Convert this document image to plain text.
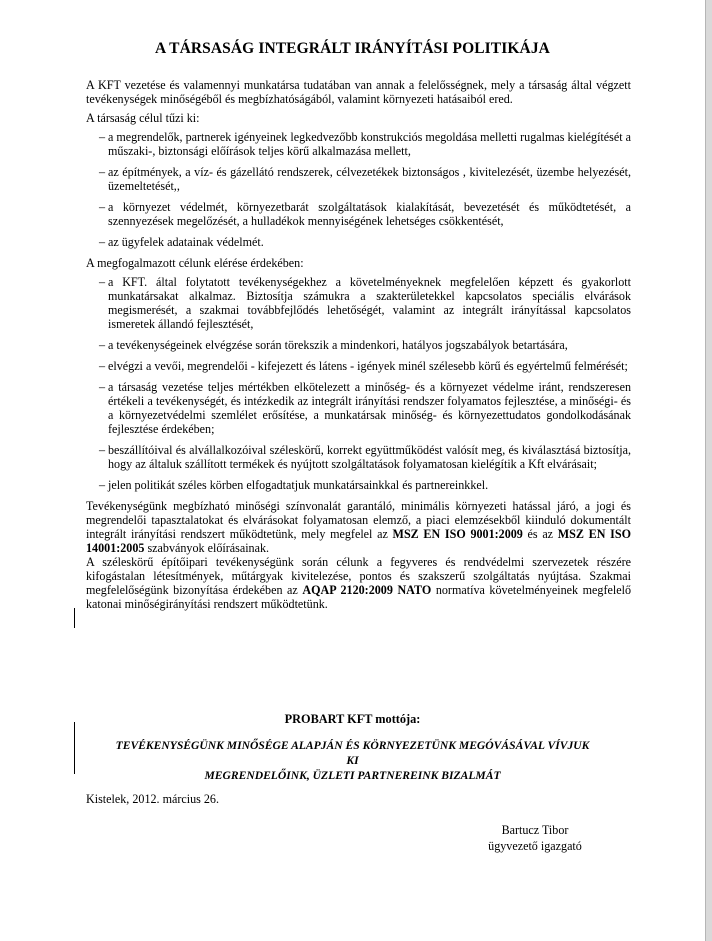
A TÁRSASÁG INTEGRÁLT IRÁNYÍTÁSI POLITIKÁJA

A KFT vezetése és valamennyi munkatársa tudatában van annak a felelősségnek, mely a társaság által végzett tevékenységek minőségéből és megbízhatóságából, valamint környezeti hatásaiból ered.

A társaság célul tűzi ki:

– a megrendelők, partnerek igényeinek legkedvezőbb konstrukciós megoldása melletti rugalmas kielégítését a műszaki-, biztonsági előírások teljes körű alkalmazása mellett,
– az építmények, a víz- és gázellátó rendszerek, célvezetékek biztonságos , kivitelezését, üzembe helyezését, üzemeltetését,,
– a környezet védelmét, környezetbarát szolgáltatások kialakítását, bevezetését és működtetését, a szennyezések megelőzését, a hulladékok mennyiségének lehetséges csökkentését,
– az ügyfelek adatainak védelmét.

A megfogalmazott célunk elérése érdekében:

– a KFT. által folytatott tevékenységekhez a követelményeknek megfelelően képzett és gyakorlott munkatársakat alkalmaz. Biztosítja számukra a szakterületekkel kapcsolatos speciális elvárások megismerését, a szakmai továbbfejlődés lehetőségét, valamint az integrált irányítással kapcsolatos ismeretek állandó fejlesztését,
– a tevékenységeinek elvégzése során törekszik a mindenkori, hatályos jogszabályok betartására,
– elvégzi a vevői, megrendelői - kifejezett és látens - igények minél szélesebb körű és egyértelmű felmérését;
– a társaság vezetése teljes mértékben elkötelezett a minőség- és a környezet védelme iránt, rendszeresen értékeli a tevékenységét, és intézkedik az integrált irányítási rendszer folyamatos fejlesztése, a minőségi- és a környezetvédelmi szemlélet erősítése, a munkatársak minőség- és környezettudatos gondolkodásának fejlesztése érdekében;
– beszállítóival és alvállalkozóival széleskörű, korrekt együttműködést valósít meg, és kiválasztásá biztosítja, hogy az általuk szállított termékek és nyújtott szolgáltatások folyamatosan kielégítik a Kft elvárásait;
– jelen politikát széles körben elfogadtatjuk munkatársainkkal és partnereinkkel.

Tevékenységünk megbízható minőségi színvonalát garantáló, minimális környezeti hatással járó, a jogi és megrendelői tapasztalatokat és elvárásokat folyamatosan elemző, a piaci elemzésekből kiinduló dokumentált integrált irányítási rendszert működtetünk, mely megfelel az MSZ EN ISO 9001:2009 és az MSZ EN ISO 14001:2005 szabványok előírásainak.

A széleskörű építőipari tevékenységünk során célunk a fegyveres és rendvédelmi szervezetek részére kifogástalan létesítmények, műtárgyak kivitelezése, pontos és szakszerű szolgáltatás nyújtása. Szakmai megfelelőségünk bizonyítása érdekében az AQAP 2120:2009 NATO normatíva követelményeinek megfelelő katonai minőségirányítási rendszert működtetünk.

PROBART KFT mottója:
TEVÉKENYSÉGÜNK MINŐSÉGE ALAPJÁN ÉS KÖRNYEZETÜNK MEGÓVÁSÁVAL VÍVJUK KI
MEGRENDELŐINK, ÜZLETI PARTNEREINK BIZALMÁT
Kistelek, 2012. március 26.
Bartucz Tibor
ügyvezető igazgató
